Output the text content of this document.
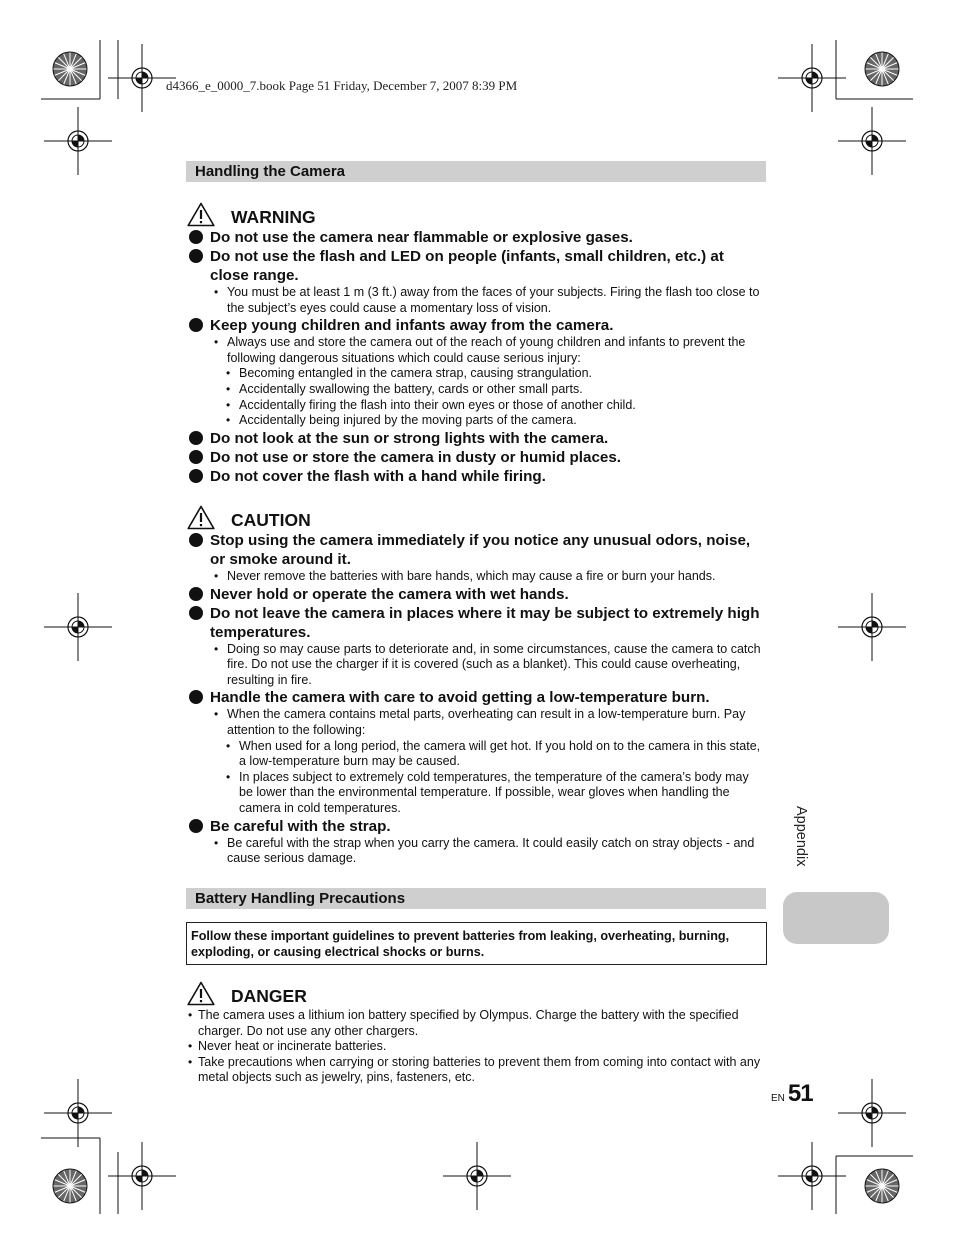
d4366_e_0000_7.book Page 51 Friday, December 7, 2007 8:39 PM
Handling the Camera
WARNING
Do not use the camera near flammable or explosive gases.
Do not use the flash and LED on people (infants, small children, etc.) at close range.
• You must be at least 1 m (3 ft.) away from the faces of your subjects. Firing the flash too close to the subject’s eyes could cause a momentary loss of vision.
Keep young children and infants away from the camera.
• Always use and store the camera out of the reach of young children and infants to prevent the following dangerous situations which could cause serious injury:
• Becoming entangled in the camera strap, causing strangulation.
• Accidentally swallowing the battery, cards or other small parts.
• Accidentally firing the flash into their own eyes or those of another child.
• Accidentally being injured by the moving parts of the camera.
Do not look at the sun or strong lights with the camera.
Do not use or store the camera in dusty or humid places.
Do not cover the flash with a hand while firing.
CAUTION
Stop using the camera immediately if you notice any unusual odors, noise, or smoke around it.
• Never remove the batteries with bare hands, which may cause a fire or burn your hands.
Never hold or operate the camera with wet hands.
Do not leave the camera in places where it may be subject to extremely high temperatures.
• Doing so may cause parts to deteriorate and, in some circumstances, cause the camera to catch fire. Do not use the charger if it is covered (such as a blanket). This could cause overheating, resulting in fire.
Handle the camera with care to avoid getting a low-temperature burn.
• When the camera contains metal parts, overheating can result in a low-temperature burn. Pay attention to the following:
• When used for a long period, the camera will get hot. If you hold on to the camera in this state, a low-temperature burn may be caused.
• In places subject to extremely cold temperatures, the temperature of the camera’s body may be lower than the environmental temperature. If possible, wear gloves when handling the camera in cold temperatures.
Be careful with the strap.
• Be careful with the strap when you carry the camera. It could easily catch on stray objects - and cause serious damage.
Battery Handling Precautions
Follow these important guidelines to prevent batteries from leaking, overheating, burning, exploding, or causing electrical shocks or burns.
DANGER
• The camera uses a lithium ion battery specified by Olympus. Charge the battery with the specified charger. Do not use any other chargers.
• Never heat or incinerate batteries.
• Take precautions when carrying or storing batteries to prevent them from coming into contact with any metal objects such as jewelry, pins, fasteners, etc.
Appendix
EN 51
